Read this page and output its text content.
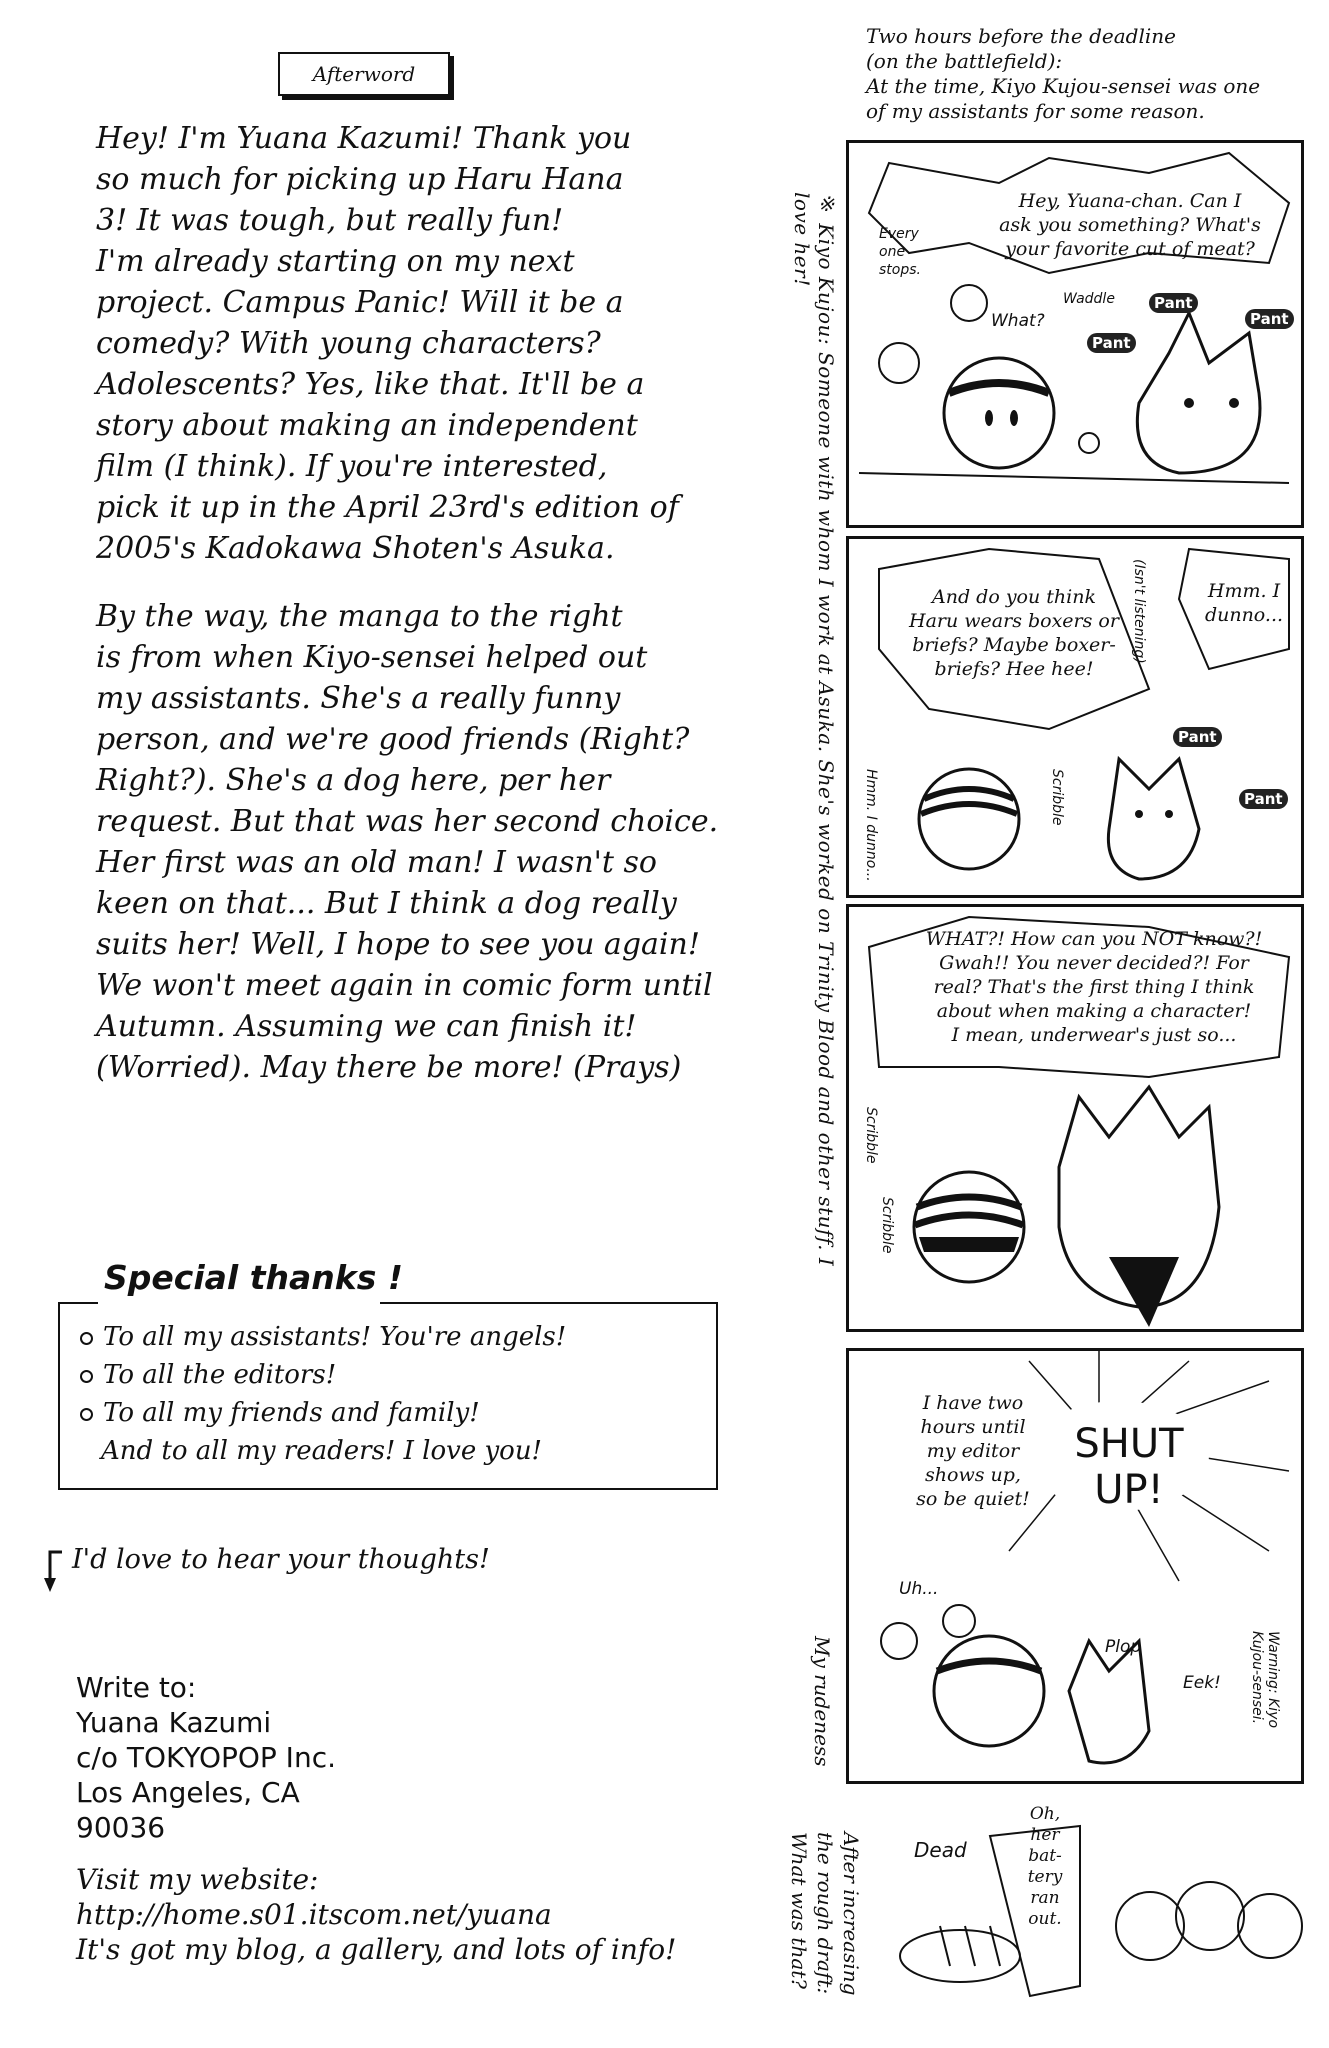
Afterword
Hey! I'm Yuana Kazumi! Thank you
so much for picking up Haru Hana
3! It was tough, but really fun!
I'm already starting on my next
project. Campus Panic! Will it be a
comedy? With young characters?
Adolescents? Yes, like that. It'll be a
story about making an independent
film (I think). If you're interested,
pick it up in the April 23rd's edition of
2005's Kadokawa Shoten's Asuka.
By the way, the manga to the right
is from when Kiyo-sensei helped out
my assistants. She's a really funny
person, and we're good friends (Right?
Right?). She's a dog here, per her
request. But that was her second choice.
Her first was an old man! I wasn't so
keen on that... But I think a dog really
suits her! Well, I hope to see you again!
We won't meet again in comic form until
Autumn. Assuming we can finish it!
(Worried). May there be more! (Prays)
Special thanks !
To all my assistants! You're angels!
To all the editors!
To all my friends and family!
And to all my readers! I love you!
I'd love to hear your thoughts!
Write to:
Yuana Kazumi
c/o TOKYOPOP Inc.
Los Angeles, CA
90036
Visit my website:
http://home.s01.itscom.net/yuana
It's got my blog, a gallery, and lots of info!
Two hours before the deadline
(on the battlefield):
At the time, Kiyo Kujou-sensei was one
of my assistants for some reason.
※ Kiyo Kujou: Someone with whom I work at Asuka. She's worked on Trinity Blood and other stuff. I love her!	Hey, Yuana-chan. Can I
ask you something? What's
your favorite cut of meat?
Every
one
stops.
What?
Waddle	Pant
Pant
Pant
And do you think
Haru wears boxers or
briefs? Maybe boxer-
briefs? Hee hee!
(Isn't listening)	Hmm. I
dunno...
Hmm. I dunno...	Scribble
Pant
Pant
WHAT?! How can you NOT know?!
Gwah!! You never decided?! For
real? That's the first thing I think
about when making a character!
I mean, underwear's just so...
Scribble
Scribble
I have two
hours until
my editor
shows up,
so be quiet!
SHUT
UP!
Uh...
Plop
Eek!	Warning: Kiyo Kujou-sensei.
My rudeness
After increasing
the rough draft:
What was that?	Dead
Oh,
her
bat-
tery
ran
out.
